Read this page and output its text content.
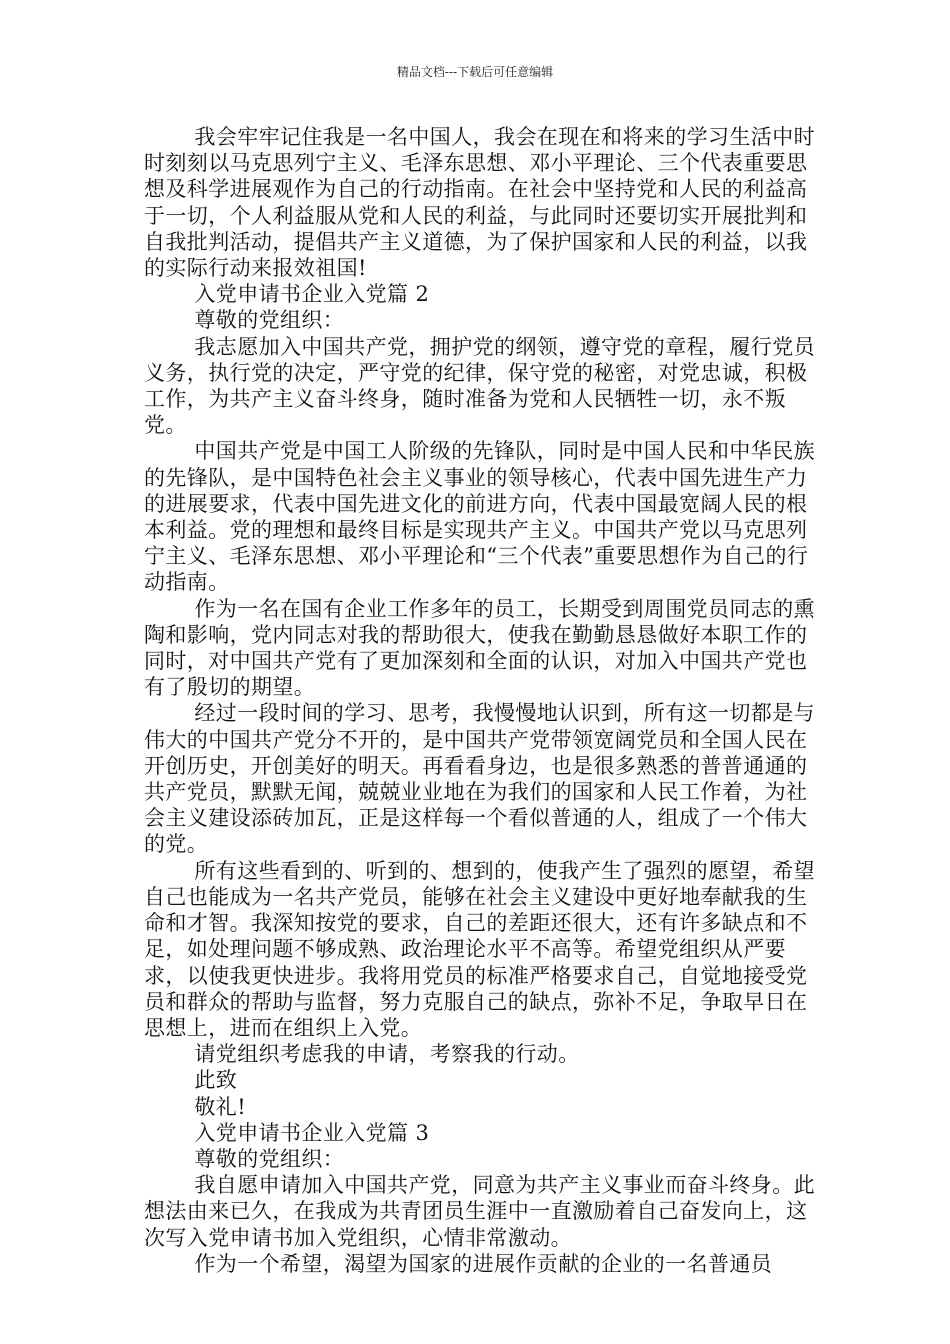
精品文档---下载后可任意编辑

我会牢牢记住我是一名中国人，我会在现在和将来的学习生活中时时刻刻以马克思列宁主义、毛泽东思想、邓小平理论、三个代表重要思想及科学进展观作为自己的行动指南。在社会中坚持党和人民的利益高于一切，个人利益服从党和人民的利益，与此同时还要切实开展批判和自我批判活动，提倡共产主义道德，为了保护国家和人民的利益，以我的实际行动来报效祖国!

入党申请书企业入党篇 2

尊敬的党组织：

我志愿加入中国共产党，拥护党的纲领，遵守党的章程，履行党员义务，执行党的决定，严守党的纪律，保守党的秘密，对党忠诚，积极工作，为共产主义奋斗终身，随时准备为党和人民牺牲一切，永不叛党。

中国共产党是中国工人阶级的先锋队，同时是中国人民和中华民族的先锋队，是中国特色社会主义事业的领导核心，代表中国先进生产力的进展要求，代表中国先进文化的前进方向，代表中国最宽阔人民的根本利益。党的理想和最终目标是实现共产主义。中国共产党以马克思列宁主义、毛泽东思想、邓小平理论和“三个代表”重要思想作为自己的行动指南。

作为一名在国有企业工作多年的员工，长期受到周围党员同志的熏陶和影响，党内同志对我的帮助很大，使我在勤勤恳恳做好本职工作的同时，对中国共产党有了更加深刻和全面的认识，对加入中国共产党也有了殷切的期望。

经过一段时间的学习、思考，我慢慢地认识到，所有这一切都是与伟大的中国共产党分不开的，是中国共产党带领宽阔党员和全国人民在开创历史，开创美好的明天。再看看身边，也是很多熟悉的普普通通的共产党员，默默无闻，兢兢业业地在为我们的国家和人民工作着，为社会主义建设添砖加瓦，正是这样每一个看似普通的人，组成了一个伟大的党。

所有这些看到的、听到的、想到的，使我产生了强烈的愿望，希望自己也能成为一名共产党员，能够在社会主义建设中更好地奉献我的生命和才智。我深知按党的要求，自己的差距还很大，还有许多缺点和不足，如处理问题不够成熟、政治理论水平不高等。希望党组织从严要求，以使我更快进步。我将用党员的标准严格要求自己，自觉地接受党员和群众的帮助与监督，努力克服自己的缺点，弥补不足，争取早日在思想上，进而在组织上入党。

请党组织考虑我的申请，考察我的行动。

此致

敬礼!

入党申请书企业入党篇 3

尊敬的党组织：

我自愿申请加入中国共产党，同意为共产主义事业而奋斗终身。此想法由来已久，在我成为共青团员生涯中一直激励着自己奋发向上，这次写入党申请书加入党组织，心情非常激动。

作为一个希望，渴望为国家的进展作贡献的企业的一名普通员
